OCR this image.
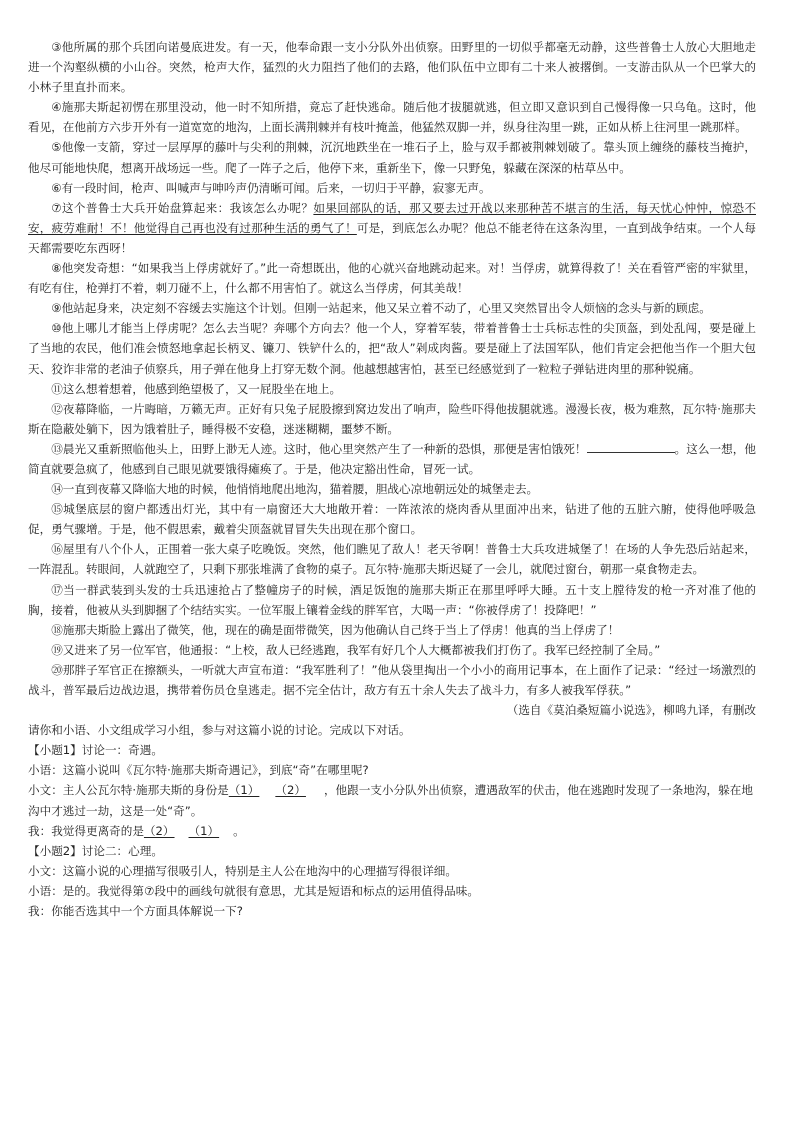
③他所属的那个兵团向诺曼底进发。有一天，他奉命跟一支小分队外出侦察。田野里的一切似乎都毫无动静，这些普鲁士人放心大胆地走进一个沟壑纵横的小山谷。突然，枪声大作，猛烈的火力阻挡了他们的去路，他们队伍中立即有二十来人被撂倒。一支游击队从一个巴掌大的小林子里直扑而来。

④施那夫斯起初愣在那里没动，他一时不知所措，竟忘了赶快逃命。随后他才拔腿就逃，但立即又意识到自己慢得像一只乌龟。这时，他看见，在他前方六步开外有一道宽宽的地沟，上面长满荆棘并有枝叶掩盖，他猛然双脚一并，纵身往沟里一跳，正如从桥上往河里一跳那样。

⑤他像一支箭，穿过一层厚厚的藤叶与尖利的荆棘，沉沉地跌坐在一堆石子上，脸与双手都被荆棘划破了。靠头顶上缠绕的藤枝当掩护，他尽可能地快爬，想离开战场远一些。爬了一阵子之后，他停下来，重新坐下，像一只野兔，躲藏在深深的枯草丛中。

⑥有一段时间，枪声、叫喊声与呻吟声仍清晰可闻。后来，一切归于平静，寂寥无声。

⑦这个普鲁士大兵开始盘算起来：我该怎么办呢？如果回部队的话，那又要去过开战以来那种苦不堪言的生活，每天忧心忡忡，惊恐不安，疲劳难耐！不！他觉得自己再也没有过那种生活的勇气了！可是，到底怎么办呢？他总不能老待在这条沟里，一直到战争结束。一个人每天都需要吃东西呀！

⑧他突发奇想：“如果我当上俘虏就好了。”此一奇想既出，他的心就兴奋地跳动起来。对！当俘虏，就算得救了！关在看管严密的牢狱里，有吃有住，枪弹打不着，刺刀碰不上，什么都不用害怕了。就这么当俘虏，何其美哉！

⑨他站起身来，决定刻不容缓去实施这个计划。但刚一站起来，他又呆立着不动了，心里又突然冒出令人烦恼的念头与新的顾虑。

⑩他上哪儿才能当上俘虏呢？怎么去当呢？奔哪个方向去？他一个人，穿着军装，带着普鲁士士兵标志性的尖顶盔，到处乱闯，要是碰上了当地的农民，他们准会愤怒地拿起长柄叉、镰刀、铁铲什么的，把“敌人”剁成肉酱。要是碰上了法国军队，他们肯定会把他当作一个胆大包天、狡诈非常的老油子侦察兵，用子弹在他身上打穿无数个洞。他越想越害怕，甚至已经感觉到了一粒粒子弹钻进肉里的那种锐痛。

⑪这么想着想着，他感到绝望极了，又一屁股坐在地上。

⑫夜幕降临，一片晦暗，万籁无声。正好有只兔子屁股擦到窝边发出了响声，险些吓得他拔腿就逃。漫漫长夜，极为难熬，瓦尔特·施那夫斯在隐蔽处躺下，因为饿着肚子，睡得极不安稳，迷迷糊糊，噩梦不断。

⑬晨光又重新照临他头上，田野上渺无人迹。这时，他心里突然产生了一种新的恐惧，那便是害怕饿死！	。这么一想，他简直就要急疯了，他感到自己眼见就要饿得瘫痪了。于是，他决定豁出性命，冒死一试。

⑭一直到夜幕又降临大地的时候，他悄悄地爬出地沟，猫着腰，胆战心凉地朝远处的城堡走去。

⑮城堡底层的窗户都透出灯光，其中有一扇窗还大大地敞开着：一阵浓浓的烧肉香从里面冲出来，钻进了他的五脏六腑，使得他呼吸急促，勇气骤增。于是，他不假思索，戴着尖顶盔就冒冒失失出现在那个窗口。

⑯屋里有八个仆人，正围着一张大桌子吃晚饭。突然，他们瞧见了敌人！老天爷啊！普鲁士大兵攻进城堡了！在场的人争先恐后站起来，一阵混乱。转眼间，人就跑空了，只剩下那张堆满了食物的桌子。瓦尔特·施那夫斯迟疑了一会儿，就爬过窗台，朝那一桌食物走去。

⑰当一群武装到头发的士兵迅速抢占了整幢房子的时候，酒足饭饱的施那夫斯正在那里呼呼大睡。五十支上膛待发的枪一齐对准了他的胸，接着，他被从头到脚捆了个结结实实。一位军服上镶着金线的胖军官，大喝一声：“你被俘虏了！投降吧！”

⑱施那夫斯脸上露出了微笑，他，现在的确是面带微笑，因为他确认自己终于当上了俘虏！他真的当上俘虏了！

⑲又进来了另一位军官，他通报：“上校，敌人已经逃跑，我军有好几个人大概都被我们打伤了。我军已经控制了全局。”

⑳那胖子军官正在擦额头，一听就大声宣布道：“我军胜利了！”他从袋里掏出一个小小的商用记事本，在上面作了记录：“经过一场激烈的战斗，普军最后边战边退，携带着伤员仓皇逃走。据不完全估计，敌方有五十余人失去了战斗力，有多人被我军俘获。”

（选自《莫泊桑短篇小说选》，柳鸣九译，有删改

请你和小语、小文组成学习小组，参与对这篇小说的讨论。完成以下对话。

【小题1】讨论一：奇遇。

小语：这篇小说叫《瓦尔特·施那夫斯奇遇记》，到底“奇”在哪里呢?

小文：主人公瓦尔特·施那夫斯的身份是（1） （2） ，他跟一支小分队外出侦察，遭遇敌军的伏击，他在逃跑时发现了一条地沟，躲在地沟中才逃过一劫，这是一处“奇”。

我：我觉得更离奇的是（2） （1） 。

【小题2】讨论二：心理。

小文：这篇小说的心理描写很吸引人，特别是主人公在地沟中的心理描写得很详细。

小语：是的。我觉得第⑦段中的画线句就很有意思，尤其是短语和标点的运用值得品味。

我：你能否选其中一个方面具体解说一下?
